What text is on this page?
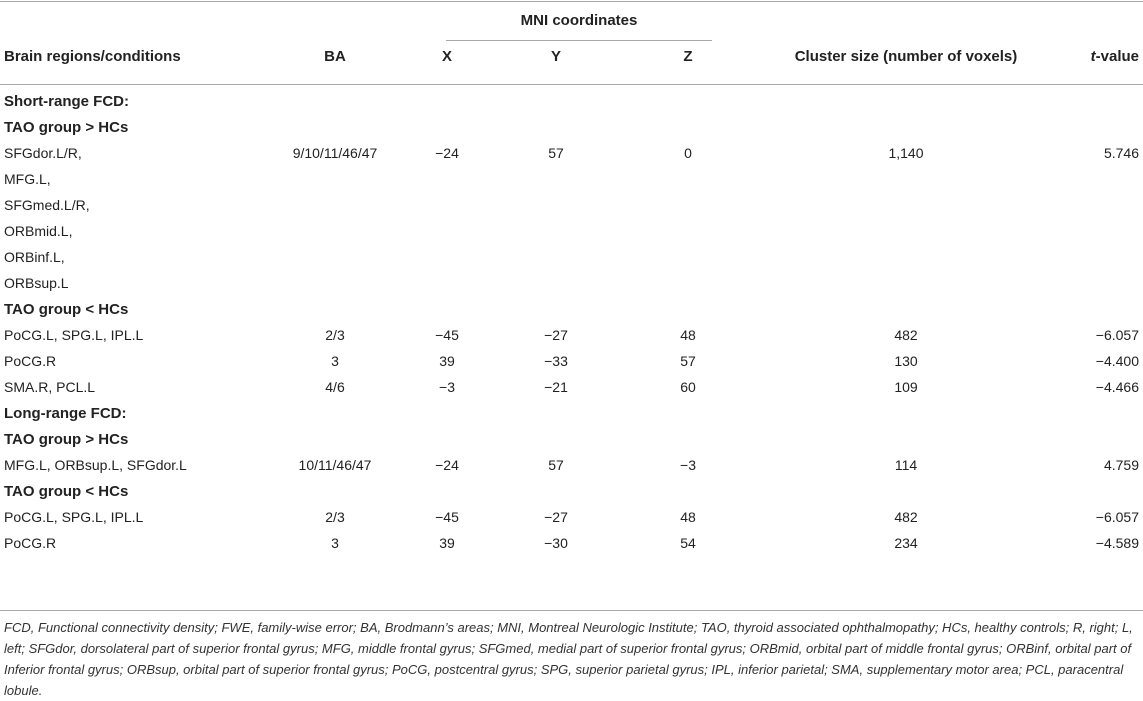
MNI coordinates
Brain regions/conditions	BA	X	Y	Z	Cluster size (number of voxels)	t-value
Short-range FCD:
TAO group > HCs
SFGdor.L/R,	9/10/11/46/47	−24	57	0	1,140	5.746
MFG.L,
SFGmed.L/R,
ORBmid.L,
ORBinf.L,
ORBsup.L
TAO group < HCs
PoCG.L, SPG.L, IPL.L	2/3	−45	−27	48	482	−6.057
PoCG.R	3	39	−33	57	130	−4.400
SMA.R, PCL.L	4/6	−3	−21	60	109	−4.466
Long-range FCD:
TAO group > HCs
MFG.L, ORBsup.L, SFGdor.L	10/11/46/47	−24	57	−3	114	4.759
TAO group < HCs
PoCG.L, SPG.L, IPL.L	2/3	−45	−27	48	482	−6.057
PoCG.R	3	39	−30	54	234	−4.589
FCD, Functional connectivity density; FWE, family-wise error; BA, Brodmann’s areas; MNI, Montreal Neurologic Institute; TAO, thyroid associated ophthalmopathy; HCs, healthy controls; R, right; L, left; SFGdor, dorsolateral part of superior frontal gyrus; MFG, middle frontal gyrus; SFGmed, medial part of superior frontal gyrus; ORBmid, orbital part of middle frontal gyrus; ORBinf, orbital part of Inferior frontal gyrus; ORBsup, orbital part of superior frontal gyrus; PoCG, postcentral gyrus; SPG, superior parietal gyrus; IPL, inferior parietal; SMA, supplementary motor area; PCL, paracentral lobule.
